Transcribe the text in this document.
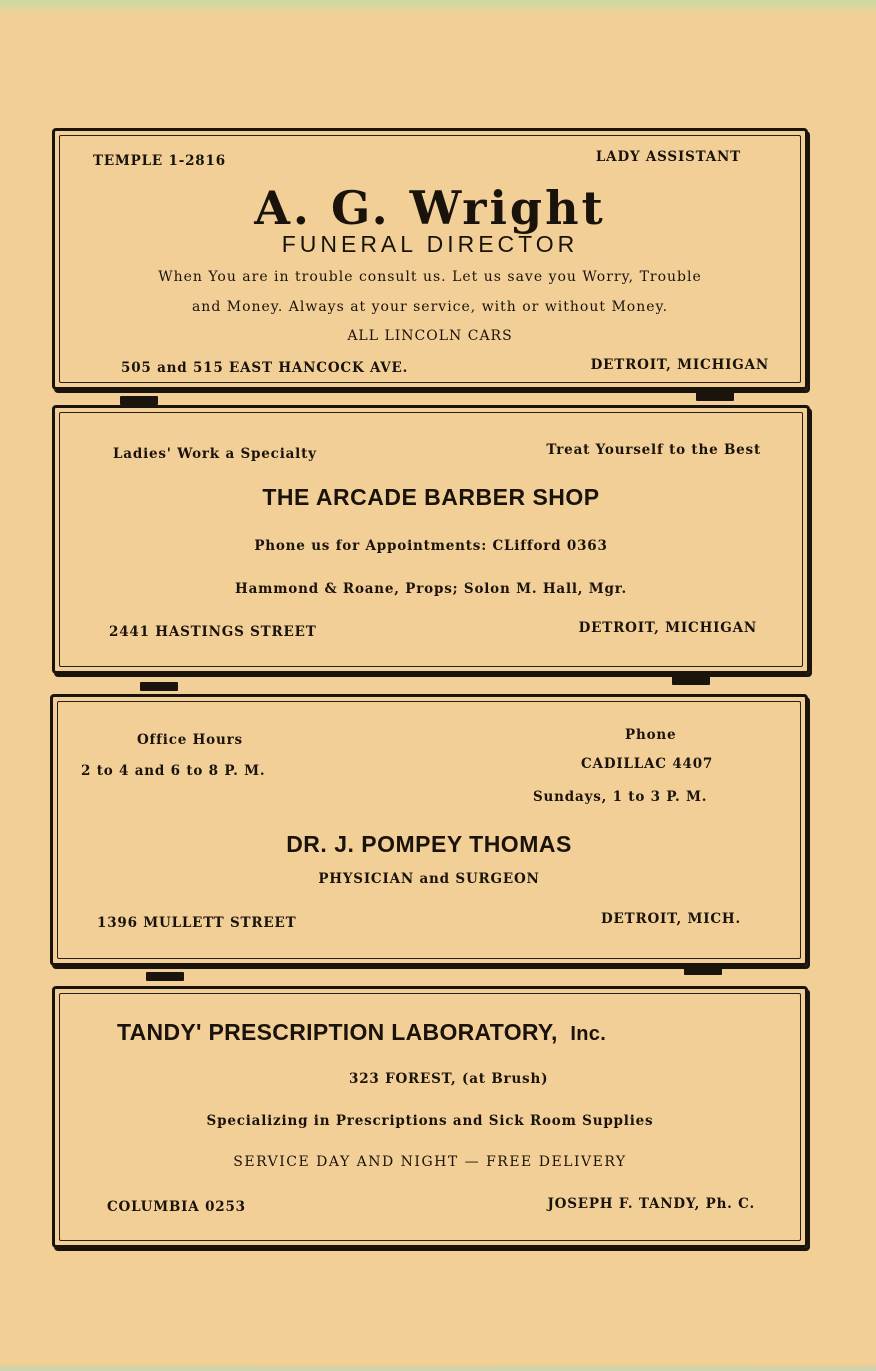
TEMPLE 1-2816	LADY ASSISTANT
A. G. Wright
FUNERAL DIRECTOR
When You are in trouble consult us. Let us save you Worry, Trouble
and Money. Always at your service, with or without Money.
ALL LINCOLN CARS
505 and 515 EAST HANCOCK AVE.	DETROIT, MICHIGAN
Ladies' Work a Specialty	Treat Yourself to the Best
THE ARCADE BARBER SHOP
Phone us for Appointments: CLifford 0363
Hammond & Roane, Props; Solon M. Hall, Mgr.
2441 HASTINGS STREET	DETROIT, MICHIGAN
Office Hours
2 to 4 and 6 to 8 P. M.
Phone
CADILLAC 4407
Sundays, 1 to 3 P. M.
DR. J. POMPEY THOMAS
PHYSICIAN and SURGEON
1396 MULLETT STREET	DETROIT, MICH.
TANDY' PRESCRIPTION LABORATORY, Inc.
323 FOREST, (at Brush)
Specializing in Prescriptions and Sick Room Supplies
SERVICE DAY AND NIGHT — FREE DELIVERY
COLUMBIA 0253	JOSEPH F. TANDY, Ph. C.
